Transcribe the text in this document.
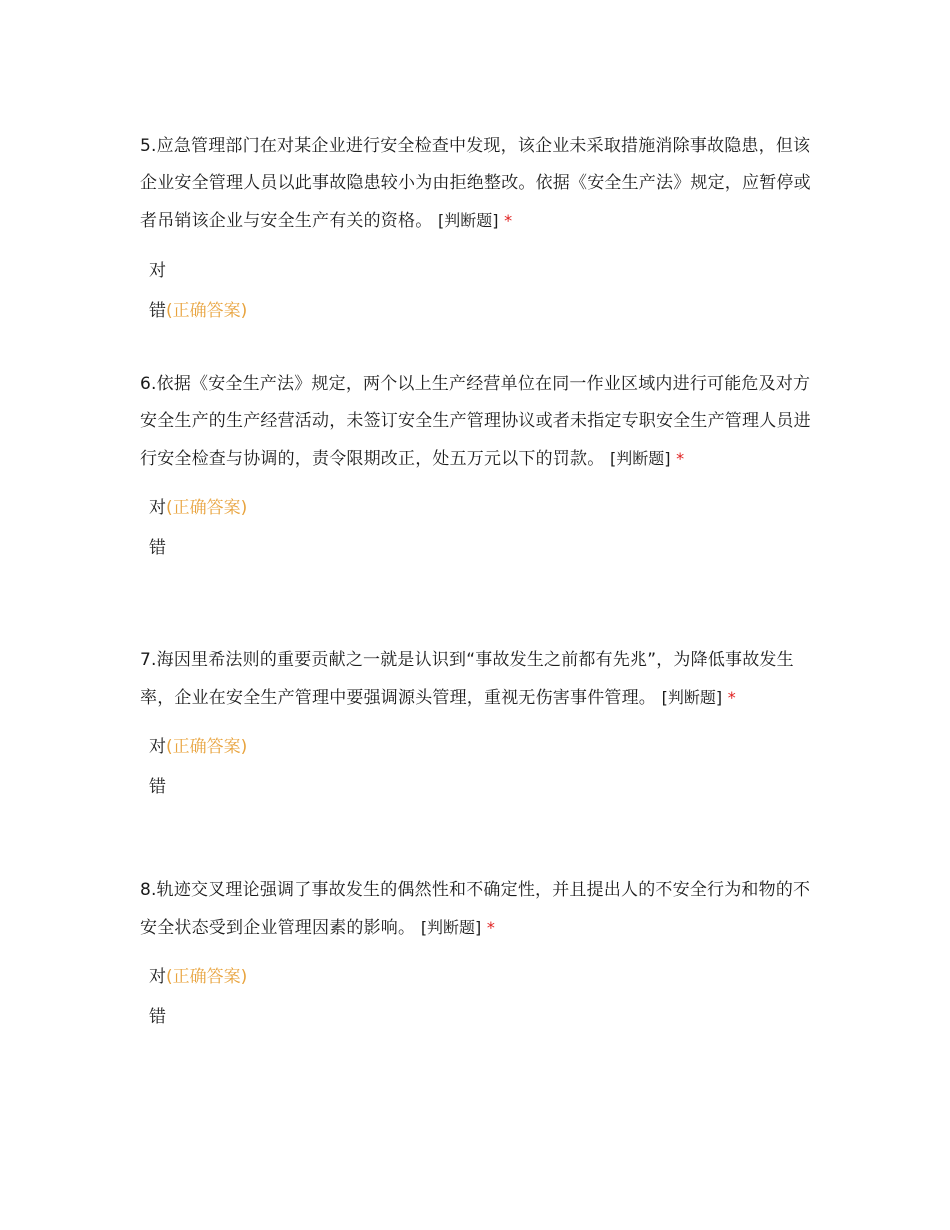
5.应急管理部门在对某企业进行安全检查中发现，该企业未采取措施消除事故隐患，但该企业安全管理人员以此事故隐患较小为由拒绝整改。依据《安全生产法》规定，应暂停或者吊销该企业与安全生产有关的资格。 [判断题] *

对
错(正确答案)

6.依据《安全生产法》规定，两个以上生产经营单位在同一作业区域内进行可能危及对方安全生产的生产经营活动，未签订安全生产管理协议或者未指定专职安全生产管理人员进行安全检查与协调的，责令限期改正，处五万元以下的罚款。 [判断题] *

对(正确答案)
错

7.海因里希法则的重要贡献之一就是认识到“事故发生之前都有先兆”，为降低事故发生率，企业在安全生产管理中要强调源头管理，重视无伤害事件管理。 [判断题] *

对(正确答案)
错

8.轨迹交叉理论强调了事故发生的偶然性和不确定性，并且提出人的不安全行为和物的不安全状态受到企业管理因素的影响。 [判断题] *

对(正确答案)
错
